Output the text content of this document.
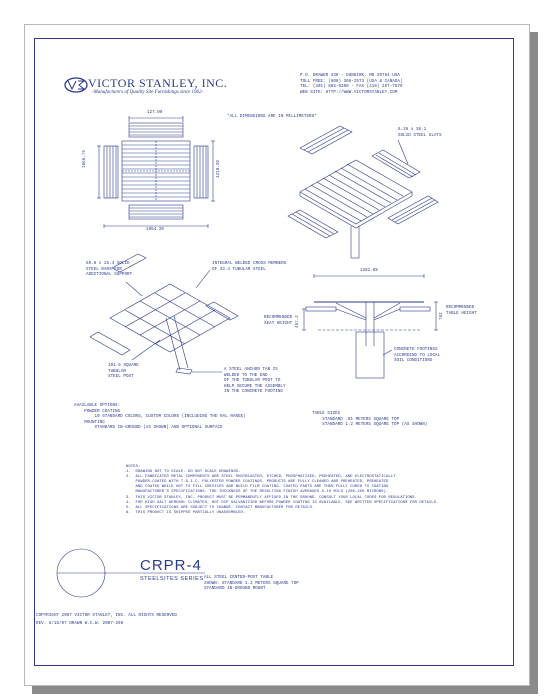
VICTOR STANLEY, INC.
-Manufacturers of Quality Site Furnishings since 1962-
P.O. DRAWER 330 - DUNKIRK, MD 20754 USA
TOLL FREE: (800) 368-2573 (USA & CANADA)
TEL: (301) 855-8300 - FAX (410) 257-7579
WEB SITE: HTTP://WWW.VICTORSTANLEY.COM
*ALL DIMENSIONS ARE IN MILLIMETERS*
127.00
1066.75
1219.20
1854.20
6.35 x 38.1
SOLID STEEL SLATS
50.8 x 25.4 SOLID
STEEL BARS FOR
ADDITIONAL SUPPORT
INTEGRAL WELDED CROSS MEMBERS
OF 33.4 TUBULAR STEEL
101.6 SQUARE
TUBULAR
STEEL POST
A STEEL ANCHOR TAB IS
WELDED TO THE END
OF THE TUBULAR POST TO
HELP SECURE THE ASSEMBLY
IN THE CONCRETE FOOTING
1282.85
762
457.2
RECOMMENDED
SEAT HEIGHT
RECOMMENDED
TABLE HEIGHT
CONCRETE FOOTINGS
ACCORDING TO LOCAL
SOIL CONDITIONS
AVAILABLE OPTIONS:
POWDER COATING
10 STANDARD COLORS, CUSTOM COLORS (INCLUDING THE RAL RANGE)
MOUNTING
STANDARD IN-GROUND (AS SHOWN) AND OPTIONAL SURFACE
TABLE SIZES
STANDARD .91 METERS SQUARE TOP
STANDARD 1.2 METERS SQUARE TOP (AS SHOWN)
NOTES:
1.  DRAWING NOT TO SCALE. DO NOT SCALE DRAWINGS.
2.  ALL FABRICATED METAL COMPONENTS ARE STEEL SHOTBLASTED, ETCHED, PHOSPHATIZED, PREHEATED, AND ELECTROSTATICALLY
POWDER-COATED WITH T.G.I.C. POLYESTER POWDER COATINGS. PRODUCTS ARE FULLY CLEANED AND PREHEATED, PREHEATED
AND COATED WHILE HOT TO FILL CREVICES AND BUILD FILM COATING. COATED PARTS ARE THEN FULLY CURED TO COATING
MANUFACTURER'S SPECIFICATIONS. THE THICKNESS OF THE RESULTING FINISH AVERAGES 8-10 MILS (200-250 MICRONS).
3.  THIS VICTOR STANLEY, INC. PRODUCT MUST BE PERMANENTLY AFFIXED IN THE GROUND. CONSULT YOUR LOCAL CODES FOR REGULATIONS.
4.  FOR HIGH SALT AEROSOL CLIMATES, HOT DIP GALVANIZING BEFORE POWDER COATING IS AVAILABLE. SEE WRITTEN SPECIFICATIONS FOR DETAILS.
5.  ALL SPECIFICATIONS ARE SUBJECT TO CHANGE. CONTACT MANUFACTURER FOR DETAILS.
6.  THIS PRODUCT IS SHIPPED PARTIALLY UNASSEMBLED.
CRPR-4
STEELSITES SERIES ALL STEEL CENTER-POST TABLE
SHOWN: STANDARD 1.2 METERS SQUARE TOP
STANDARD IN-GROUND MOUNT
COPYRIGHT 2007 VICTOR STANLEY, INC. ALL RIGHTS RESERVED
REV. 6/15/07 DRAWN W.C.W. 2007-298
